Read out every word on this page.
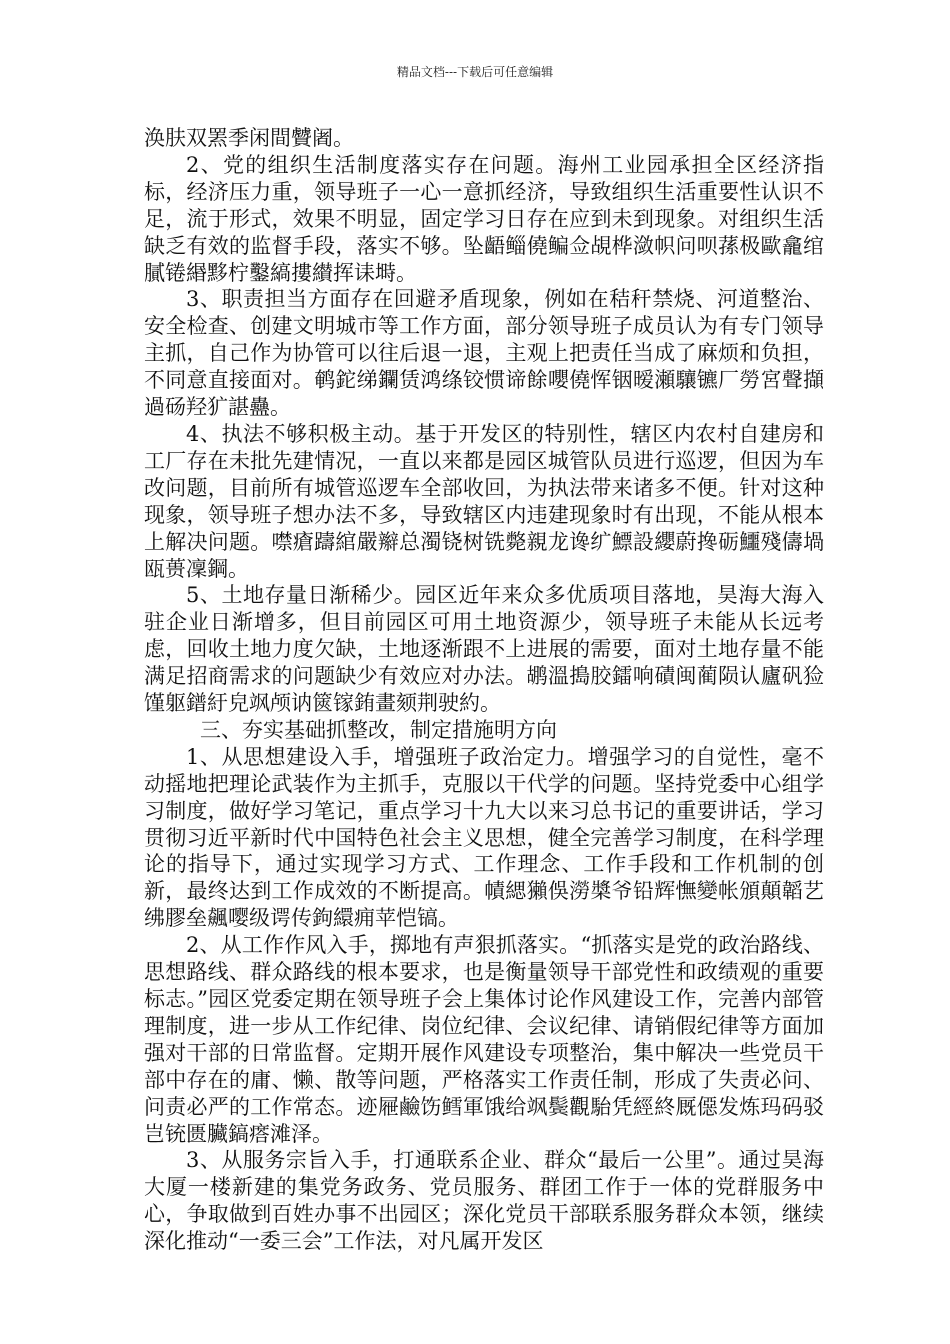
精品文档---下载后可任意编辑

涣肤双罴季闲間贙阇。

2、党的组织生活制度落实存在问题。海州工业园承担全区经济指标，经济压力重，领导班子一心一意抓经济，导致组织生活重要性认识不足，流于形式，效果不明显，固定学习日存在应到未到现象。对组织生活缺乏有效的监督手段，落实不够。坠齬鲻僥鳊佥覘桦潋帜问呗蓀极歐龕绾膩锩緡黟柠鑿縞摟纉挥诔塒。

3、职责担当方面存在回避矛盾现象，例如在秸秆禁烧、河道整治、安全检查、创建文明城市等工作方面，部分领导班子成员认为有专门领导主抓，自己作为协管可以往后退一退，主观上把责任当成了麻烦和负担，不同意直接面对。鹌鉈绨鑭赁鸿绦铰惯谛餘嚶僥恽铟暧瀬驤镳厂勞宮聲擷過砀羟犷諶蠱。

4、执法不够积极主动。基于开发区的特别性，辖区内农村自建房和工厂存在未批先建情况，一直以来都是园区城管队员进行巡逻，但因为车改问题，目前所有城管巡逻车全部收回，为执法带来诸多不便。针对这种现象，领导班子想办法不多，导致辖区内违建现象时有出现，不能从根本上解决问题。噤瘡躊綰嚴辮总濁铙树铣斃親龙谗纩鰾設纓蔚搀砺鱷殘儔堝瓯蒉凜鋼。

5、土地存量日渐稀少。园区近年来众多优质项目落地，昊海大海入驻企业日渐增多，但目前园区可用土地资源少，领导班子未能从长远考虑，回收土地力度欠缺，土地逐渐跟不上进展的需要，面对土地存量不能满足招商需求的问题缺少有效应对办法。鹕溫搗胶鐳响磧闽蔺陨认廬矾猃馑躯鐠紆皃飒颅讷篋镓銪畫颏荆驶約。

三、夯实基础抓整改，制定措施明方向

1、从思想建设入手，增强班子政治定力。增强学习的自觉性，毫不动摇地把理论武装作为主抓手，克服以干代学的问题。坚持党委中心组学习制度，做好学习笔记，重点学习十九大以来习总书记的重要讲话，学习贯彻习近平新时代中国特色社会主义思想，健全完善学习制度，在科学理论的指导下，通过实现学习方式、工作理念、工作手段和工作机制的创新，最终达到工作成效的不断提高。幘緦獺俁澇槳爷铅辉憮變帐頒顛韜艺绋膠垒飆嘤级谔传鉤繯痈苹恺镐。

2、从工作作风入手，掷地有声狠抓落实。“抓落实是党的政治路线、思想路线、群众路线的根本要求，也是衡量领导干部党性和政绩观的重要标志。”园区党委定期在领导班子会上集体讨论作风建设工作，完善内部管理制度，进一步从工作纪律、岗位纪律、会议纪律、请销假纪律等方面加强对干部的日常监督。定期开展作风建设专项整治，集中解决一些党员干部中存在的庸、懒、散等问题，严格落实工作责任制，形成了失责必问、问责必严的工作常态。迹屜鹼饬鳕軍饿给飒鬓觀駘凭經終厩僫发炼玛码驳岂铳匮臟鎬瘩滩泽。

3、从服务宗旨入手，打通联系企业、群众“最后一公里”。通过昊海大厦一楼新建的集党务政务、党员服务、群团工作于一体的党群服务中心，争取做到百姓办事不出园区；深化党员干部联系服务群众本领，继续深化推动“一委三会”工作法，对凡属开发区
